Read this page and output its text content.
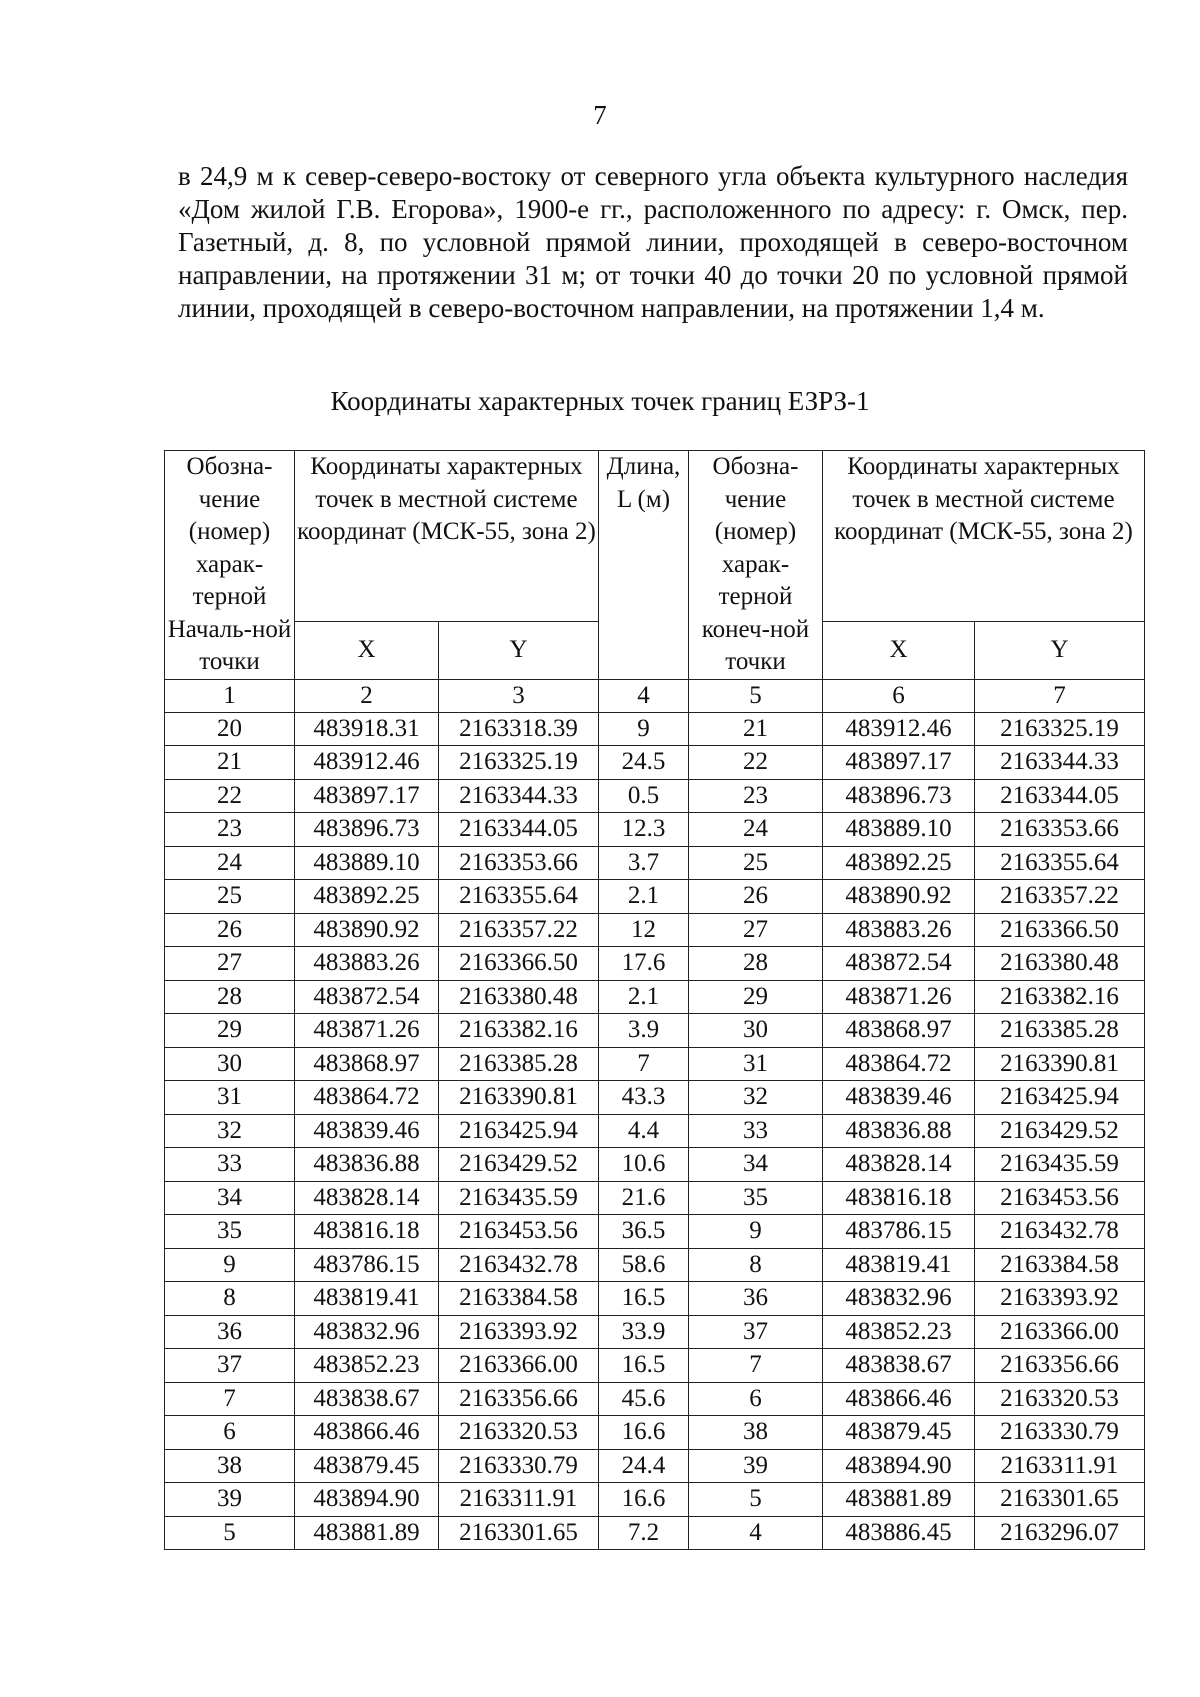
7

в 24,9 м к север-северо-востоку от северного угла объекта культурного наследия «Дом жилой Г.В. Егорова», 1900-е гг., расположенного по адресу: г. Омск, пер. Газетный, д. 8, по условной прямой линии, проходящей в северо-восточном направлении, на протяжении 31 м; от точки 40 до точки 20 по условной прямой линии, проходящей в северо-восточном направлении, на протяжении 1,4 м.

Координаты характерных точек границ ЕЗРЗ-1
Обозна-чение (номер) харак-терной Началь-ной точки	Координаты характерных точек в местной системе координат (МСК-55, зона 2)		Длина, L (м)	Обозна-чение (номер) харак-терной конеч-ной точки	Координаты характерных точек в местной системе координат (МСК-55, зона 2)	
	X	Y			X	Y
1	2	3	4	5	6	7
20	483918.31	2163318.39	9	21	483912.46	2163325.19
21	483912.46	2163325.19	24.5	22	483897.17	2163344.33
22	483897.17	2163344.33	0.5	23	483896.73	2163344.05
23	483896.73	2163344.05	12.3	24	483889.10	2163353.66
24	483889.10	2163353.66	3.7	25	483892.25	2163355.64
25	483892.25	2163355.64	2.1	26	483890.92	2163357.22
26	483890.92	2163357.22	12	27	483883.26	2163366.50
27	483883.26	2163366.50	17.6	28	483872.54	2163380.48
28	483872.54	2163380.48	2.1	29	483871.26	2163382.16
29	483871.26	2163382.16	3.9	30	483868.97	2163385.28
30	483868.97	2163385.28	7	31	483864.72	2163390.81
31	483864.72	2163390.81	43.3	32	483839.46	2163425.94
32	483839.46	2163425.94	4.4	33	483836.88	2163429.52
33	483836.88	2163429.52	10.6	34	483828.14	2163435.59
34	483828.14	2163435.59	21.6	35	483816.18	2163453.56
35	483816.18	2163453.56	36.5	9	483786.15	2163432.78
9	483786.15	2163432.78	58.6	8	483819.41	2163384.58
8	483819.41	2163384.58	16.5	36	483832.96	2163393.92
36	483832.96	2163393.92	33.9	37	483852.23	2163366.00
37	483852.23	2163366.00	16.5	7	483838.67	2163356.66
7	483838.67	2163356.66	45.6	6	483866.46	2163320.53
6	483866.46	2163320.53	16.6	38	483879.45	2163330.79
38	483879.45	2163330.79	24.4	39	483894.90	2163311.91
39	483894.90	2163311.91	16.6	5	483881.89	2163301.65
5	483881.89	2163301.65	7.2	4	483886.45	2163296.07
